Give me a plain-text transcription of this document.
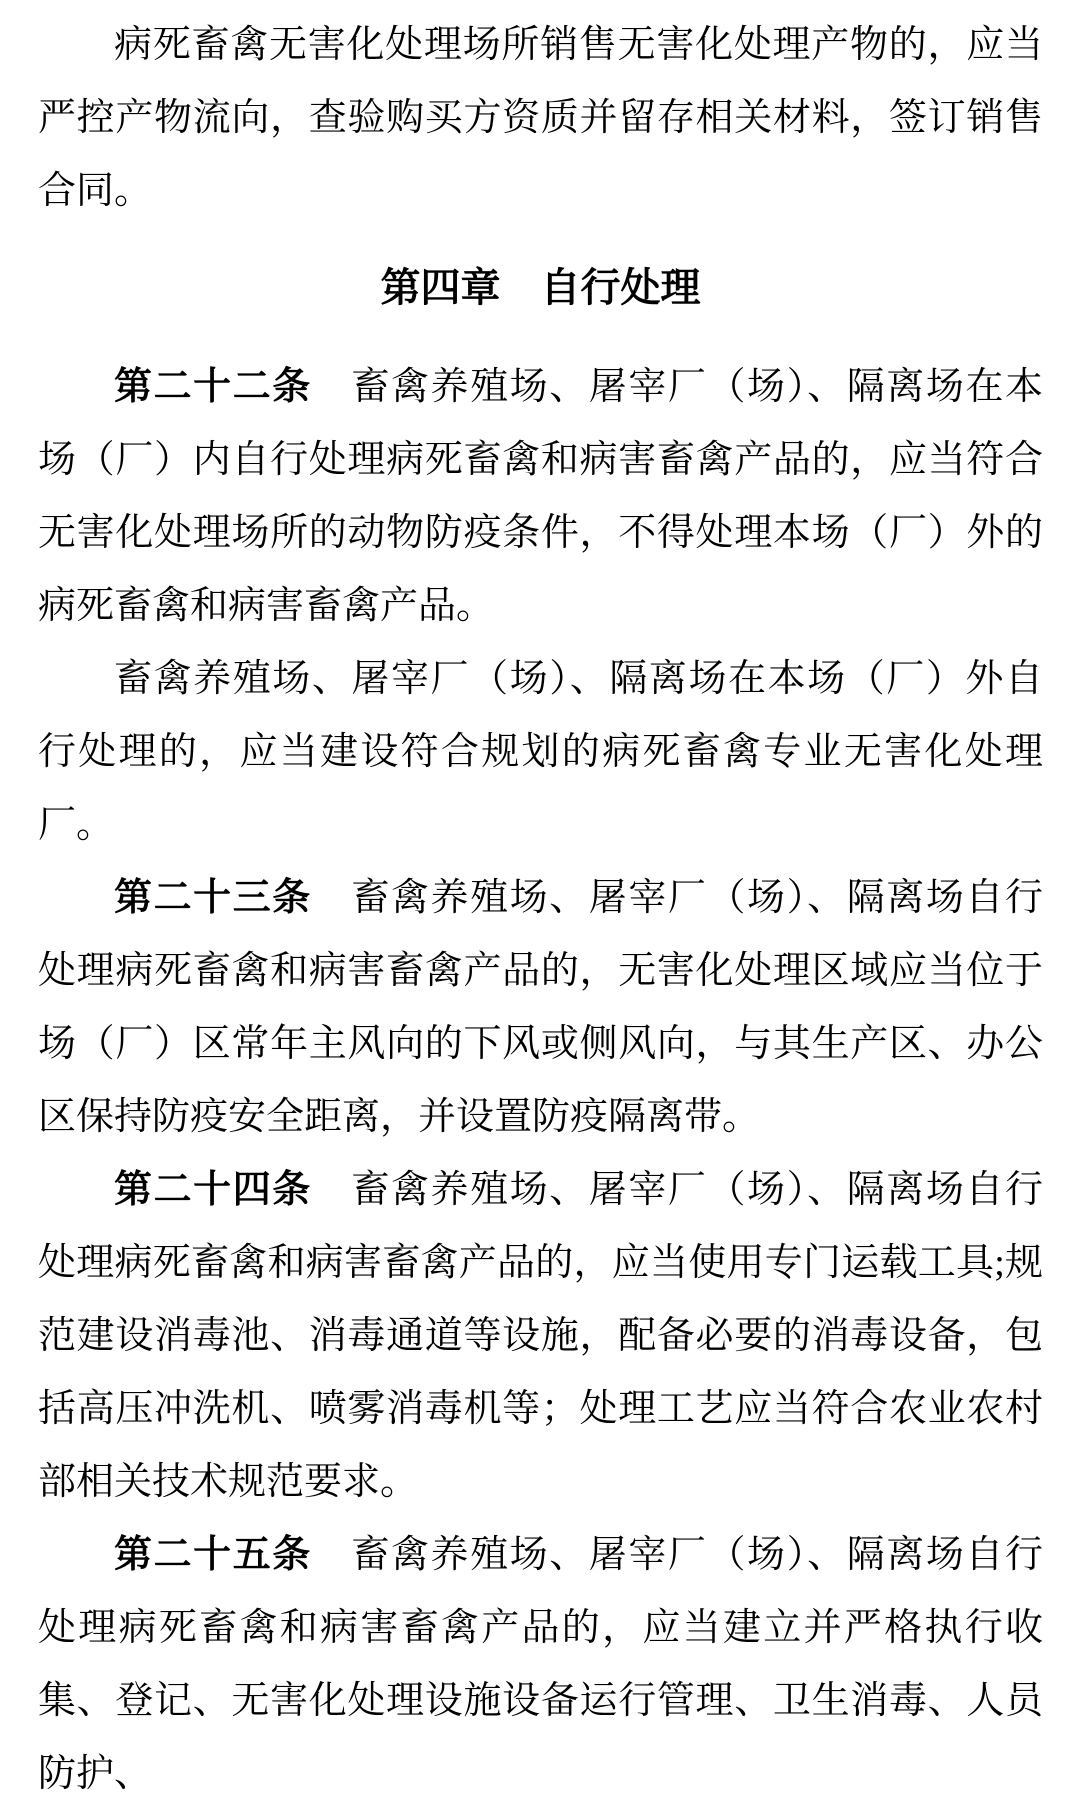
病死畜禽无害化处理场所销售无害化处理产物的，应当严控产物流向，查验购买方资质并留存相关材料，签订销售合同。

第四章　自行处理

第二十二条　 畜禽养殖场、屠宰厂（场）、隔离场在本场（厂）内自行处理病死畜禽和病害畜禽产品的，应当符合无害化处理场所的动物防疫条件，不得处理本场（厂）外的病死畜禽和病害畜禽产品。

畜禽养殖场、屠宰厂（场）、隔离场在本场（厂）外自行处理的，应当建设符合规划的病死畜禽专业无害化处理厂。

第二十三条　 畜禽养殖场、屠宰厂（场）、隔离场自行处理病死畜禽和病害畜禽产品的，无害化处理区域应当位于场（厂）区常年主风向的下风或侧风向，与其生产区、办公区保持防疫安全距离，并设置防疫隔离带。

第二十四条　 畜禽养殖场、屠宰厂（场）、隔离场自行处理病死畜禽和病害畜禽产品的，应当使用专门运载工具;规范建设消毒池、消毒通道等设施，配备必要的消毒设备，包括高压冲洗机、喷雾消毒机等；处理工艺应当符合农业农村部相关技术规范要求。

第二十五条　 畜禽养殖场、屠宰厂（场）、隔离场自行处理病死畜禽和病害畜禽产品的，应当建立并严格执行收集、登记、无害化处理设施设备运行管理、卫生消毒、人员防护、
